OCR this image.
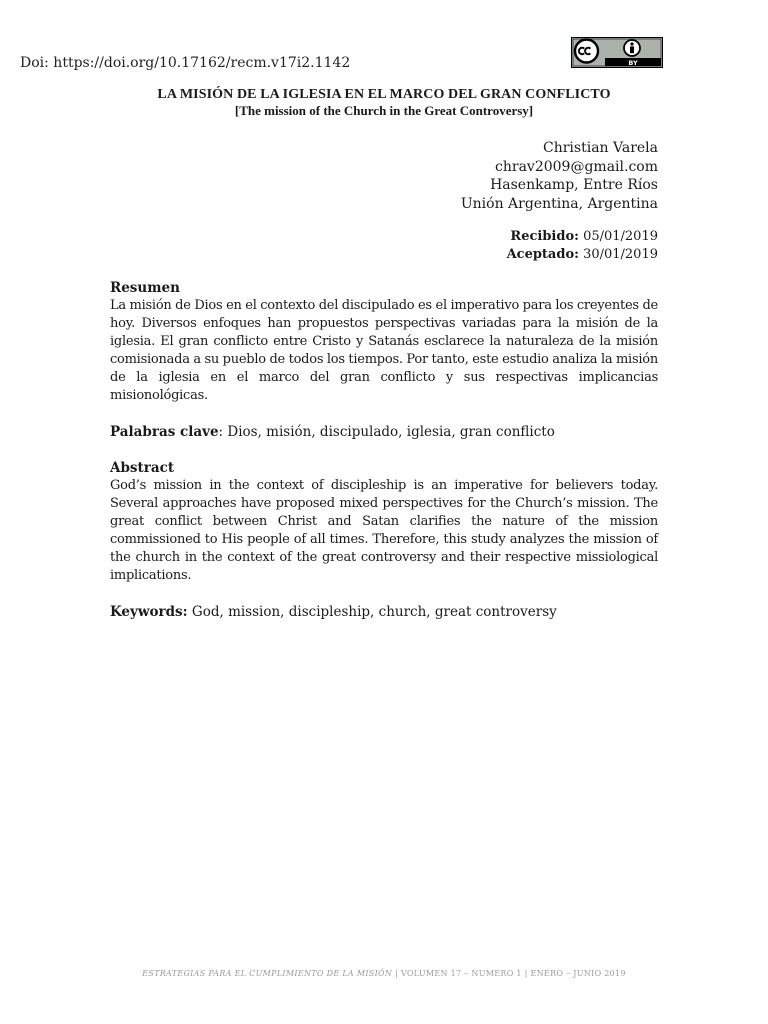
Doi: https://doi.org/10.17162/recm.v17i2.1142	BY
LA MISIÓN DE LA IGLESIA EN EL MARCO DEL GRAN CONFLICTO
[The mission of the Church in the Great Controversy]
Christian Varela
chrav2009@gmail.com
Hasenkamp, Entre Ríos
Unión Argentina, Argentina
Recibido: 05/01/2019
Aceptado: 30/01/2019
Resumen
La misión de Dios en el contexto del discipulado es el imperativo para los creyentes de hoy. Diversos enfoques han propuestos perspectivas variadas para la misión de la iglesia. El gran conflicto entre Cristo y Satanás esclarece la naturaleza de la misión comisionada a su pueblo de todos los tiempos. Por tanto, este estudio analiza la misión de la iglesia en el marco del gran conflicto y sus respectivas implicancias misionológicas.
Palabras clave: Dios, misión, discipulado, iglesia, gran conflicto
Abstract
God’s mission in the context of discipleship is an imperative for believers today. Several approaches have proposed mixed perspectives for the Church’s mission. The great conflict between Christ and Satan clarifies the nature of the mission commissioned to His people of all times. Therefore, this study analyzes the mission of the church in the context of the great controversy and their respective missiological implications.
Keywords: God, mission, discipleship, church, great controversy
ESTRATEGIAS PARA EL CUMPLIMIENTO DE LA MISIÓN | VOLUMEN 17 – NUMERO 1 | ENERO – JUNIO 2019
